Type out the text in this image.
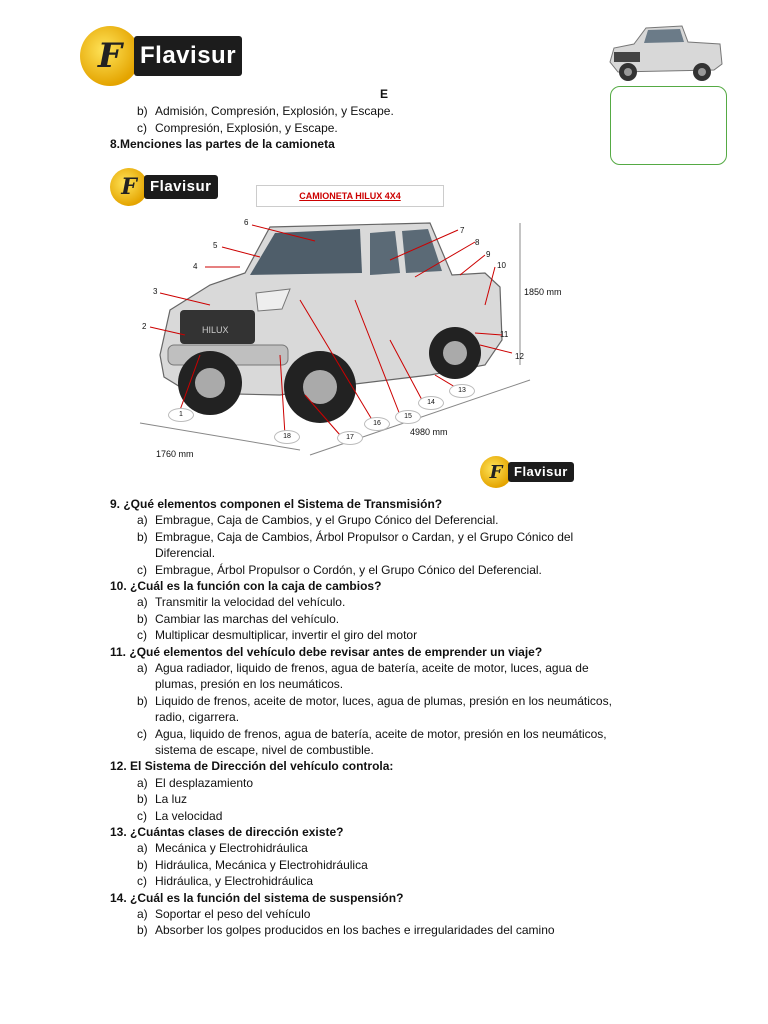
F Flavisur
E
b) Admisión, Compresión, Explosión, y Escape.
c) Compresión, Explosión, y Escape.
8.Menciones las partes de la camioneta
F Flavisur
CAMIONETA HILUX 4X4
HILUX
1850 mm
4980 mm
1760 mm
1
2
3
4
5
6
7
8
9
10
11
12
13
14
15
16
17
18
F Flavisur
9. ¿Qué elementos componen el Sistema de Transmisión?
a) Embrague, Caja de Cambios, y el Grupo Cónico del Deferencial.
b) Embrague, Caja de Cambios, Árbol Propulsor o Cardan, y el Grupo Cónico del
Diferencial.
c) Embrague, Árbol Propulsor o Cordón, y el Grupo Cónico del Deferencial.
10. ¿Cuál es la función con la caja de cambios?
a) Transmitir la velocidad del vehículo.
b) Cambiar las marchas del vehículo.
c) Multiplicar desmultiplicar, invertir el giro del motor
11. ¿Qué elementos del vehículo debe revisar antes de emprender un viaje?
a) Agua radiador, liquido de frenos, agua de batería, aceite de motor, luces, agua de
plumas, presión en los neumáticos.
b) Liquido de frenos, aceite de motor, luces, agua de plumas, presión en los neumáticos,
radio, cigarrera.
c) Agua, liquido de frenos, agua de batería, aceite de motor, presión en los neumáticos,
sistema de escape, nivel de combustible.
12. El Sistema de Dirección del vehículo controla:
a) El desplazamiento
b) La luz
c) La velocidad
13. ¿Cuántas clases de dirección existe?
a) Mecánica y Electrohidráulica
b) Hidráulica, Mecánica y Electrohidráulica
c) Hidráulica, y Electrohidráulica
14. ¿Cuál es la función del sistema de suspensión?
a) Soportar el peso del vehículo
b) Absorber los golpes producidos en los baches e irregularidades del camino
